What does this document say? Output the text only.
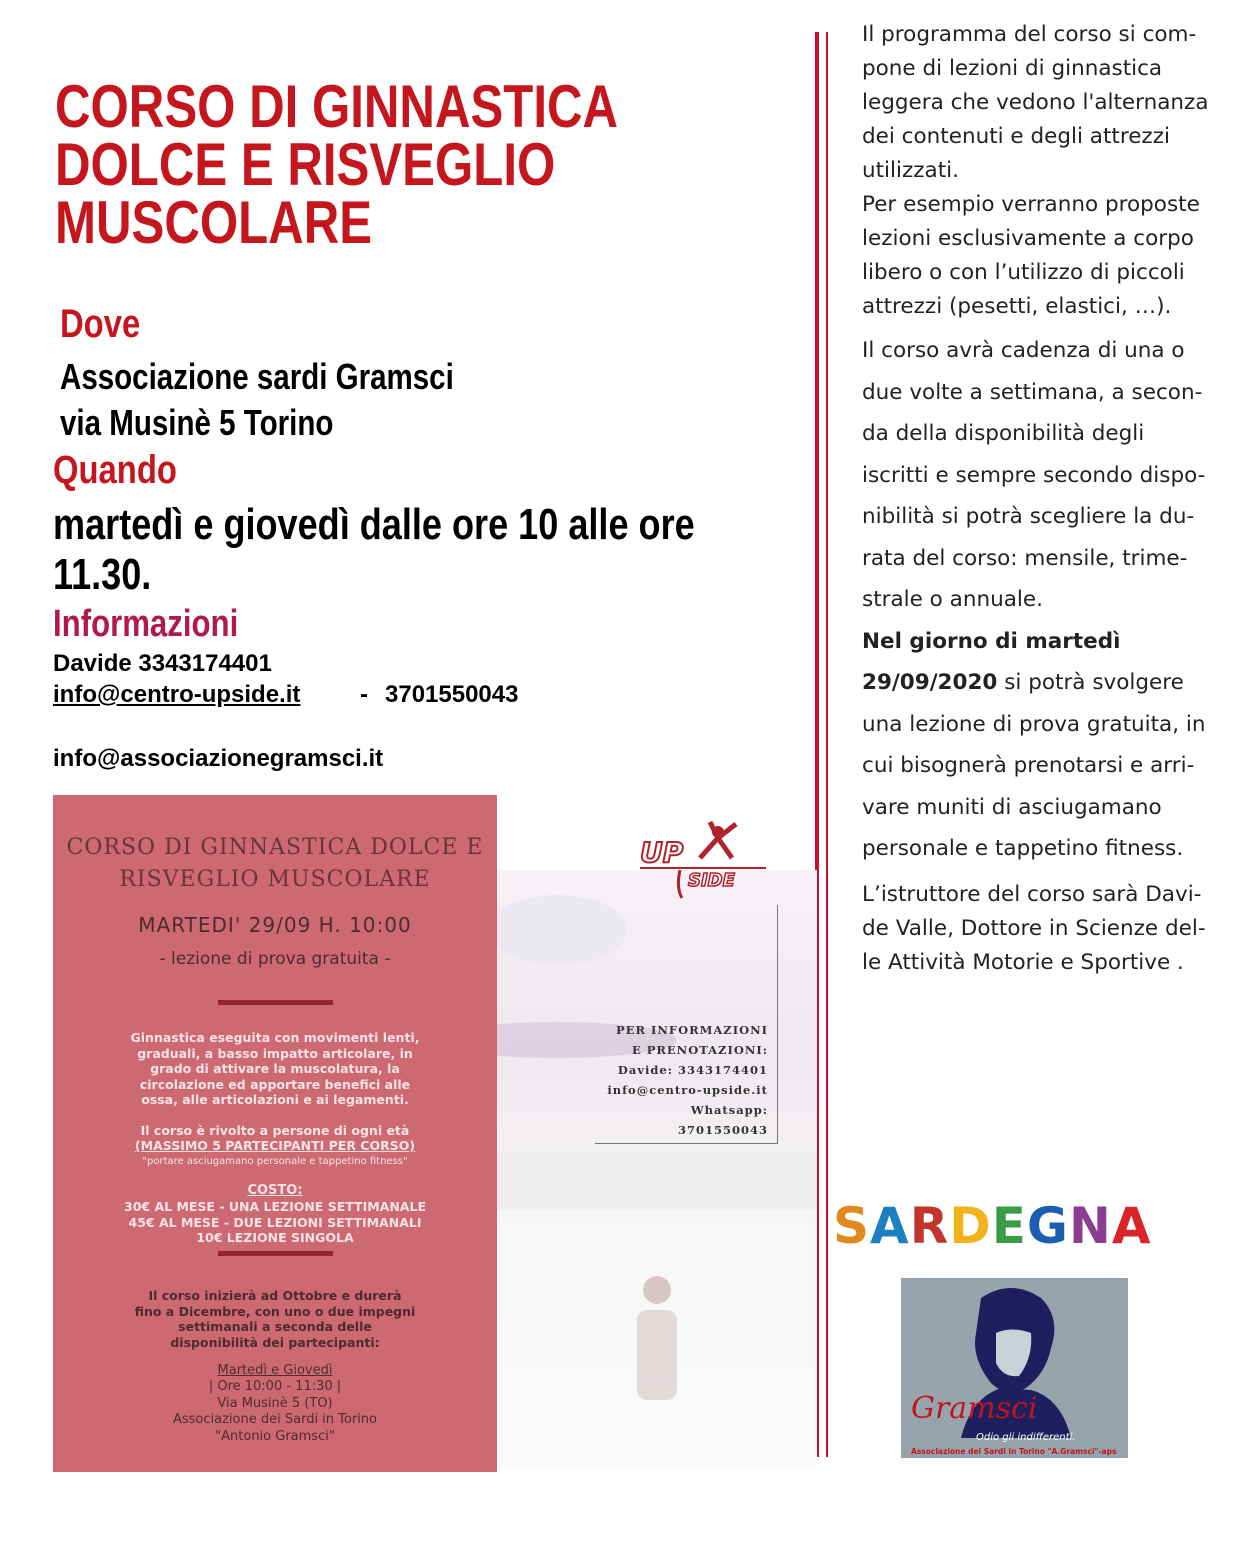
CORSO DI GINNASTICA
DOLCE E RISVEGLIO
MUSCOLARE
Dove
Associazione sardi Gramsci
via Musinè 5 Torino
Quando
martedì e giovedì dalle ore 10 alle ore
11.30.
Informazioni
Davide 3343174401
info@centro-upside.it - 3701550043
info@associazionegramsci.it
Il programma del corso si com-
pone di lezioni di ginnastica
leggera che vedono l'alternanza
dei contenuti e degli attrezzi
utilizzati.
Per esempio verranno proposte
lezioni esclusivamente a corpo
libero o con l’utilizzo di piccoli
attrezzi (pesetti, elastici, …).
Il corso avrà cadenza di una o
due volte a settimana, a secon-
da della disponibilità degli
iscritti e sempre secondo dispo-
nibilità si potrà scegliere la du-
rata del corso: mensile, trime-
strale o annuale.
Nel giorno di martedì
29/09/2020 si potrà svolgere
una lezione di prova gratuita, in
cui bisognerà prenotarsi e arri-
vare muniti di asciugamano
personale e tappetino fitness.
L’istruttore del corso sarà Davi-
de Valle, Dottore in Scienze del-
le Attività Motorie e Sportive .
CORSO DI GINNASTICA DOLCE E
RISVEGLIO MUSCOLARE
MARTEDI' 29/09 H. 10:00
- lezione di prova gratuita -
Ginnastica eseguita con movimenti lenti,
graduali, a basso impatto articolare, in
grado di attivare la muscolatura, la
circolazione ed apportare benefici alle
ossa, alle articolazioni e ai legamenti.
Il corso è rivolto a persone di ogni età
(MASSIMO 5 PARTECIPANTI PER CORSO)
"portare asciugamano personale e tappetino fitness"
COSTO:
30€ AL MESE - UNA LEZIONE SETTIMANALE
45€ AL MESE - DUE LEZIONI SETTIMANALI
10€ LEZIONE SINGOLA
Il corso inizierà ad Ottobre e durerà
fino a Dicembre, con uno o due impegni
settimanali a seconda delle
disponibilità dei partecipanti:
Martedì e Giovedì
| Ore 10:00 - 11:30 |
Via Musinè 5 (TO)
Associazione dei Sardi in Torino
"Antonio Gramsci"
UP
SIDE
PER INFORMAZIONI
E PRENOTAZIONI:
Davide: 3343174401
info@centro-upside.it
Whatsapp:
3701550043
SARDEGNA
Gramsci
Odio gli indifferenti.
Associazione dei Sardi in Torino "A.Gramsci"-aps
